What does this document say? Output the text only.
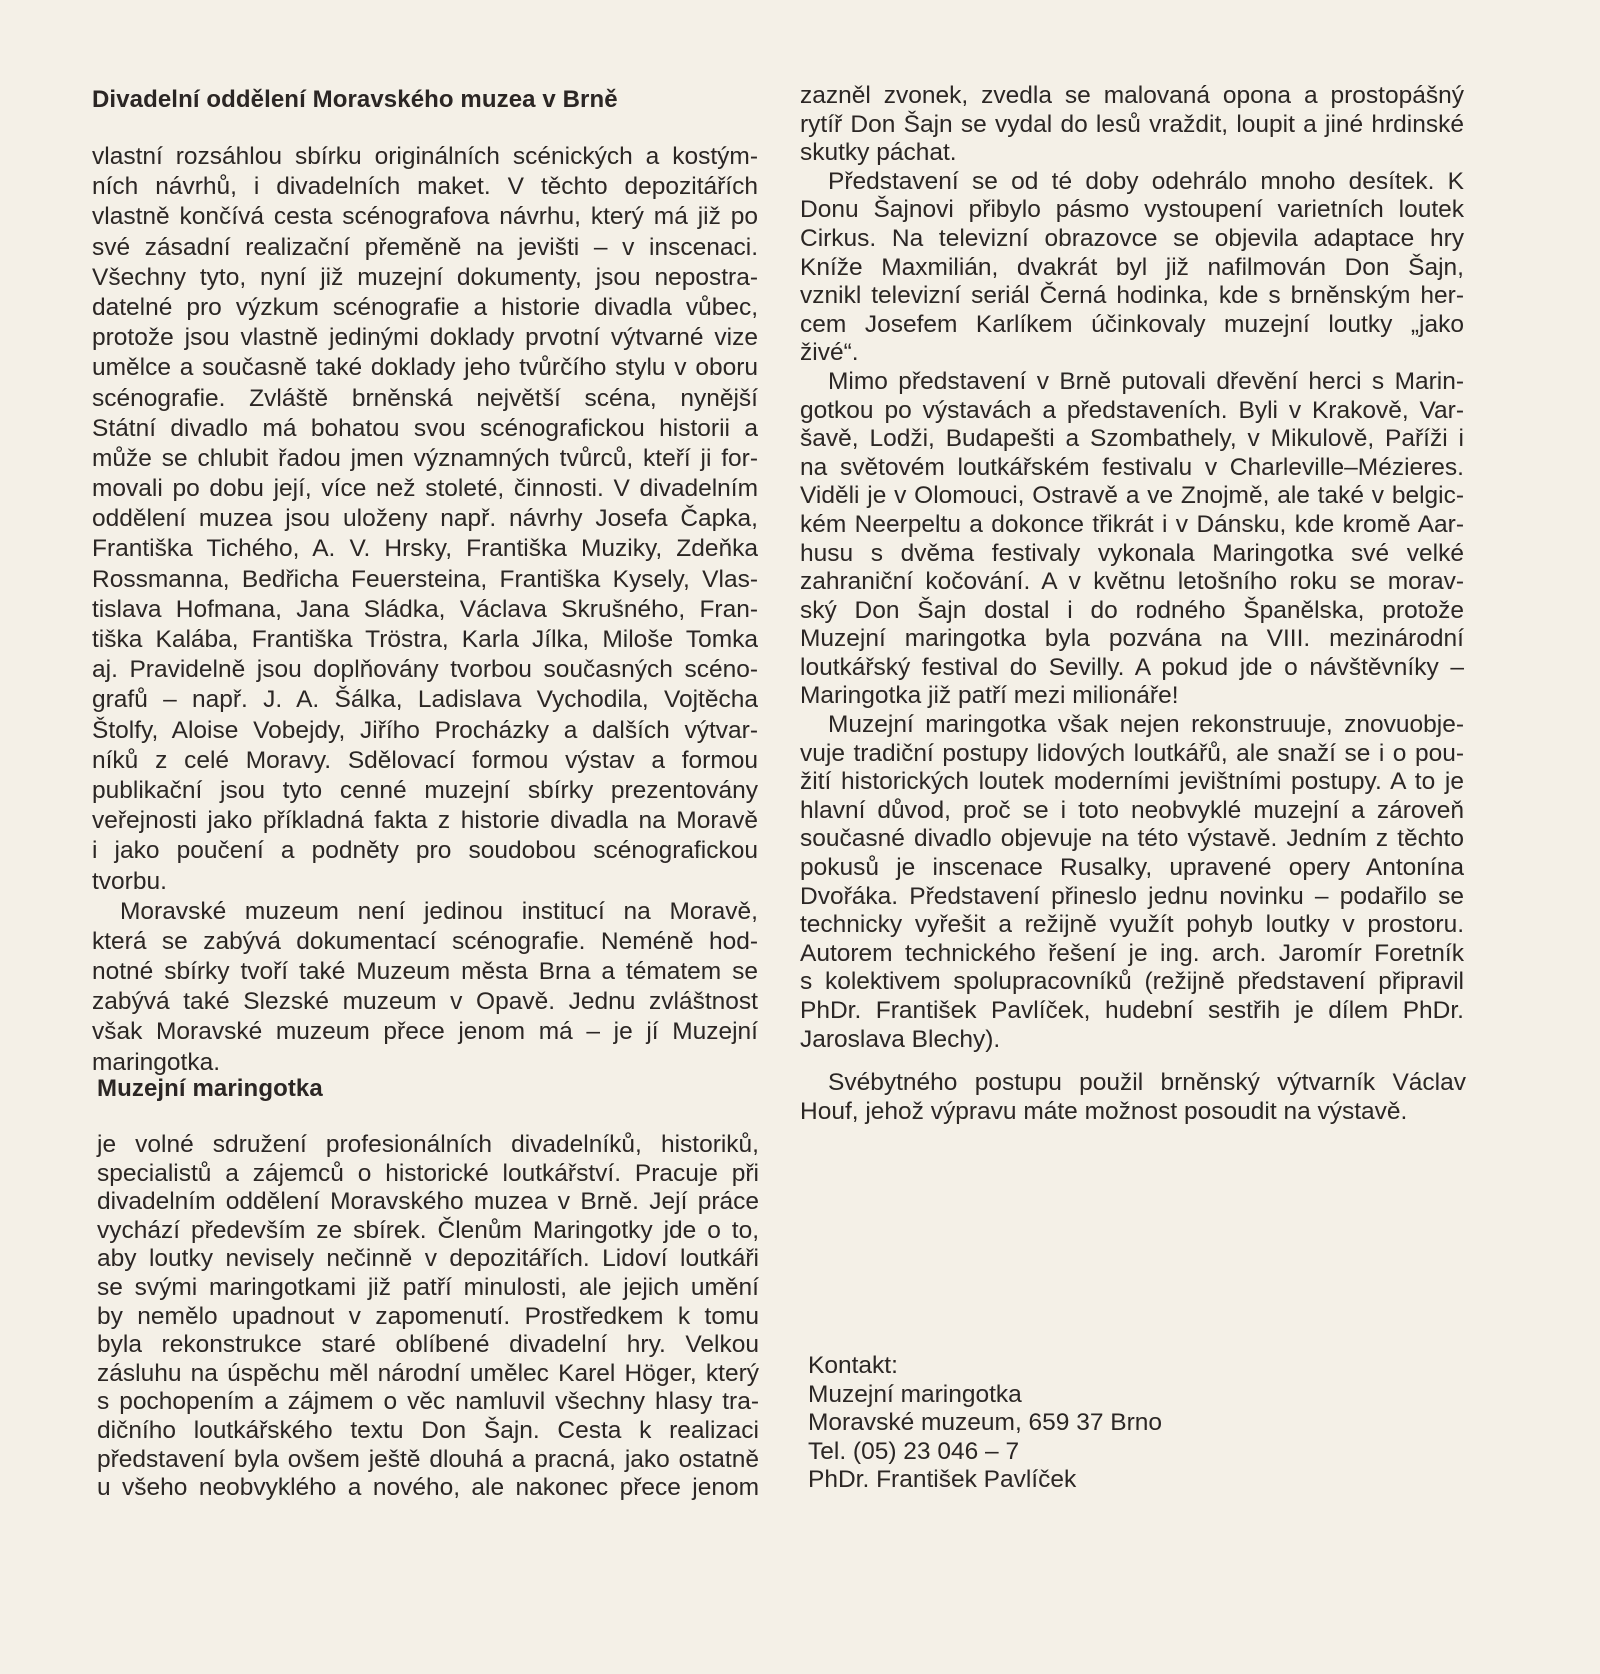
Divadelní oddělení Moravského muzea v Brně
vlastní rozsáhlou sbírku originálních scénických a kostým-
ních návrhů, i divadelních maket. V těchto depozitářích
vlastně končívá cesta scénografova návrhu, který má již po
své zásadní realizační přeměně na jevišti – v inscenaci.
Všechny tyto, nyní již muzejní dokumenty, jsou nepostra-
datelné pro výzkum scénografie a historie divadla vůbec,
protože jsou vlastně jedinými doklady prvotní výtvarné vize
umělce a současně také doklady jeho tvůrčího stylu v oboru
scénografie. Zvláště brněnská největší scéna, nynější
Státní divadlo má bohatou svou scénografickou historii a
může se chlubit řadou jmen významných tvůrců, kteří ji for-
movali po dobu její, více než stoleté, činnosti. V divadelním
oddělení muzea jsou uloženy např. návrhy Josefa Čapka,
Františka Tichého, A. V. Hrsky, Františka Muziky, Zdeňka
Rossmanna, Bedřicha Feuersteina, Františka Kysely, Vlas-
tislava Hofmana, Jana Sládka, Václava Skrušného, Fran-
tiška Kalába, Františka Tröstra, Karla Jílka, Miloše Tomka
aj. Pravidelně jsou doplňovány tvorbou současných scéno-
grafů – např. J. A. Šálka, Ladislava Vychodila, Vojtěcha
Štolfy, Aloise Vobejdy, Jiřího Procházky a dalších výtvar-
níků z celé Moravy. Sdělovací formou výstav a formou
publikační jsou tyto cenné muzejní sbírky prezentovány
veřejnosti jako příkladná fakta z historie divadla na Moravě
i jako poučení a podněty pro soudobou scénografickou
tvorbu.
Moravské muzeum není jedinou institucí na Moravě,
která se zabývá dokumentací scénografie. Neméně hod-
notné sbírky tvoří také Muzeum města Brna a tématem se
zabývá také Slezské muzeum v Opavě. Jednu zvláštnost
však Moravské muzeum přece jenom má – je jí Muzejní
maringotka.
Muzejní maringotka
je volné sdružení profesionálních divadelníků, historiků,
specialistů a zájemců o historické loutkářství. Pracuje při
divadelním oddělení Moravského muzea v Brně. Její práce
vychází především ze sbírek. Členům Maringotky jde o to,
aby loutky nevisely nečinně v depozitářích. Lidoví loutkáři
se svými maringotkami již patří minulosti, ale jejich umění
by nemělo upadnout v zapomenutí. Prostředkem k tomu
byla rekonstrukce staré oblíbené divadelní hry. Velkou
zásluhu na úspěchu měl národní umělec Karel Höger, který
s pochopením a zájmem o věc namluvil všechny hlasy tra-
dičního loutkářského textu Don Šajn. Cesta k realizaci
představení byla ovšem ještě dlouhá a pracná, jako ostatně
u všeho neobvyklého a nového, ale nakonec přece jenom
zazněl zvonek, zvedla se malovaná opona a prostopášný
rytíř Don Šajn se vydal do lesů vraždit, loupit a jiné hrdinské
skutky páchat.
Představení se od té doby odehrálo mnoho desítek. K
Donu Šajnovi přibylo pásmo vystoupení varietních loutek
Cirkus. Na televizní obrazovce se objevila adaptace hry
Kníže Maxmilián, dvakrát byl již nafilmován Don Šajn,
vznikl televizní seriál Černá hodinka, kde s brněnským her-
cem Josefem Karlíkem účinkovaly muzejní loutky „jako
živé“.
Mimo představení v Brně putovali dřevění herci s Marin-
gotkou po výstavách a představeních. Byli v Krakově, Var-
šavě, Lodži, Budapešti a Szombathely, v Mikulově, Paříži i
na světovém loutkářském festivalu v Charleville–Mézieres.
Viděli je v Olomouci, Ostravě a ve Znojmě, ale také v belgic-
kém Neerpeltu a dokonce třikrát i v Dánsku, kde kromě Aar-
husu s dvěma festivaly vykonala Maringotka své velké
zahraniční kočování. A v květnu letošního roku se morav-
ský Don Šajn dostal i do rodného Španělska, protože
Muzejní maringotka byla pozvána na VIII. mezinárodní
loutkářský festival do Sevilly. A pokud jde o návštěvníky –
Maringotka již patří mezi milionáře!
Muzejní maringotka však nejen rekonstruuje, znovuobje-
vuje tradiční postupy lidových loutkářů, ale snaží se i o pou-
žití historických loutek moderními jevištními postupy. A to je
hlavní důvod, proč se i toto neobvyklé muzejní a zároveň
současné divadlo objevuje na této výstavě. Jedním z těchto
pokusů je inscenace Rusalky, upravené opery Antonína
Dvořáka. Představení přineslo jednu novinku – podařilo se
technicky vyřešit a režijně využít pohyb loutky v prostoru.
Autorem technického řešení je ing. arch. Jaromír Foretník
s kolektivem spolupracovníků (režijně představení připravil
PhDr. František Pavlíček, hudební sestřih je dílem PhDr.
Jaroslava Blechy).
Svébytného postupu použil brněnský výtvarník Václav
Houf, jehož výpravu máte možnost posoudit na výstavě.
Kontakt:
Muzejní maringotka
Moravské muzeum, 659 37 Brno
Tel. (05) 23 046 – 7
PhDr. František Pavlíček
